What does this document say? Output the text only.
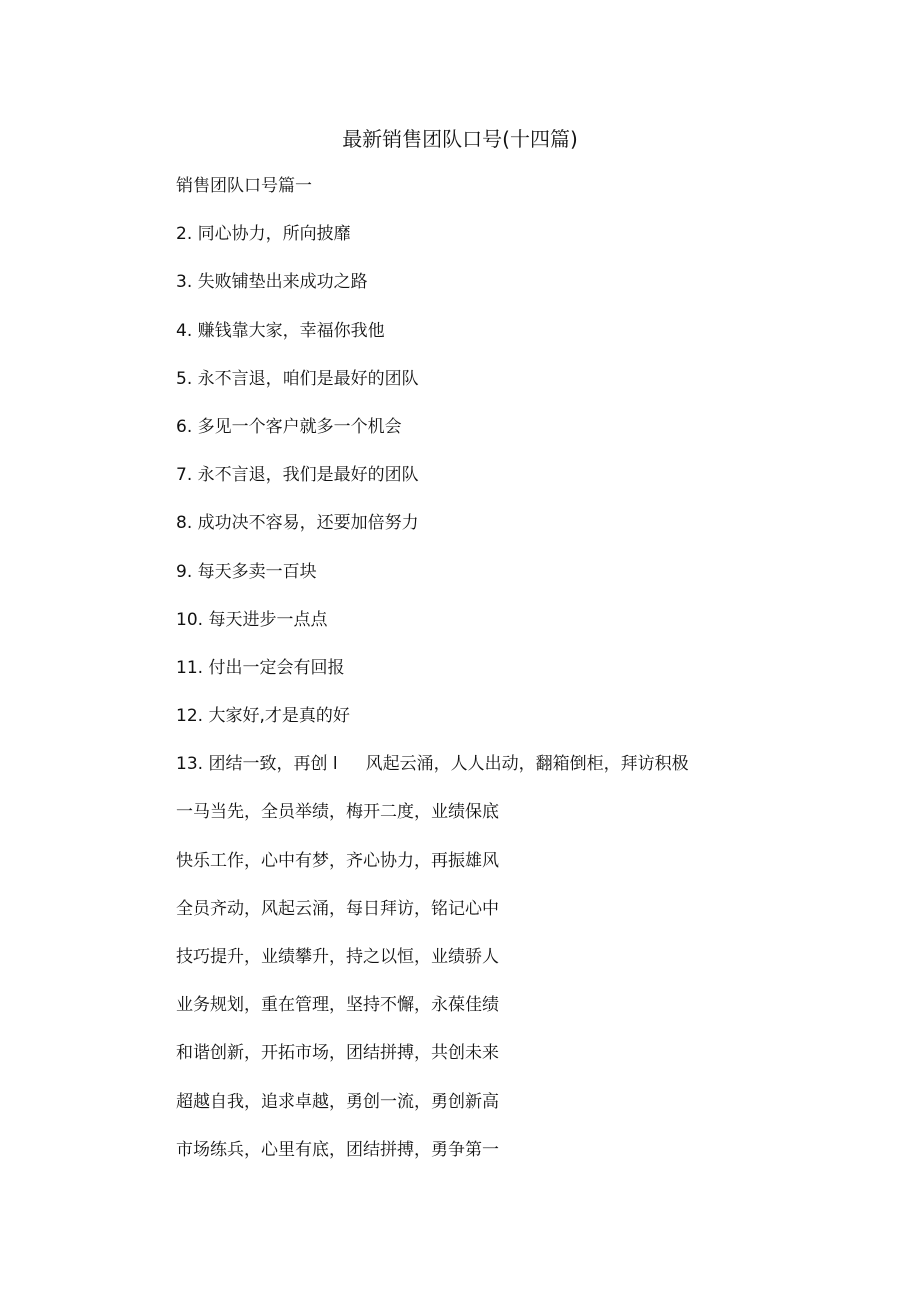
最新销售团队口号(十四篇)
销售团队口号篇一
2. 同心协力，所向披靡
3. 失败铺垫出来成功之路
4. 赚钱靠大家，幸福你我他
5. 永不言退，咱们是最好的团队
6. 多见一个客户就多一个机会
7. 永不言退，我们是最好的团队
8. 成功决不容易，还要加倍努力
9. 每天多卖一百块
10. 每天进步一点点
11. 付出一定会有回报
12. 大家好,才是真的好
13. 团结一致，再创 l 风起云涌，人人出动，翻箱倒柜，拜访积极
一马当先，全员举绩，梅开二度，业绩保底
快乐工作，心中有梦，齐心协力，再振雄风
全员齐动，风起云涌，每日拜访，铭记心中
技巧提升，业绩攀升，持之以恒，业绩骄人
业务规划，重在管理，坚持不懈，永葆佳绩
和谐创新，开拓市场，团结拼搏，共创未来
超越自我，追求卓越，勇创一流，勇创新高
市场练兵，心里有底，团结拼搏，勇争第一
